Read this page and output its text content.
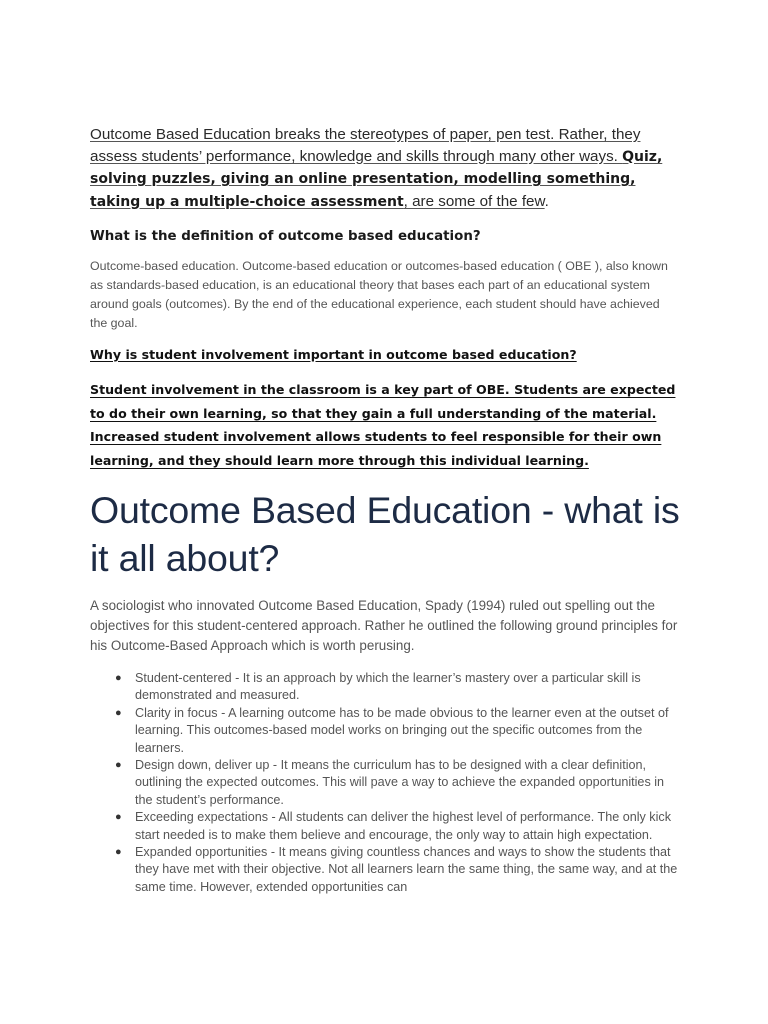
Outcome Based Education breaks the stereotypes of paper, pen test. Rather, they assess students’ performance, knowledge and skills through many other ways. Quiz, solving puzzles, giving an online presentation, modelling something, taking up a multiple-choice assessment, are some of the few.

What is the definition of outcome based education?

Outcome-based education. Outcome-based education or outcomes-based education ( OBE ), also known as standards-based education, is an educational theory that bases each part of an educational system around goals (outcomes). By the end of the educational experience, each student should have achieved the goal.

Why is student involvement important in outcome based education?

Student involvement in the classroom is a key part of OBE. Students are expected to do their own learning, so that they gain a full understanding of the material. Increased student involvement allows students to feel responsible for their own learning, and they should learn more through this individual learning.

Outcome Based Education - what is it all about?

A sociologist who innovated Outcome Based Education, Spady (1994) ruled out spelling out the objectives for this student-centered approach. Rather he outlined the following ground principles for his Outcome-Based Approach which is worth perusing.

● Student-centered - It is an approach by which the learner’s mastery over a particular skill is demonstrated and measured.
● Clarity in focus - A learning outcome has to be made obvious to the learner even at the outset of learning. This outcomes-based model works on bringing out the specific outcomes from the learners.
● Design down, deliver up - It means the curriculum has to be designed with a clear definition, outlining the expected outcomes. This will pave a way to achieve the expanded opportunities in the student’s performance.
● Exceeding expectations - All students can deliver the highest level of performance. The only kick start needed is to make them believe and encourage, the only way to attain high expectation.
● Expanded opportunities - It means giving countless chances and ways to show the students that they have met with their objective. Not all learners learn the same thing, the same way, and at the same time. However, extended opportunities can
